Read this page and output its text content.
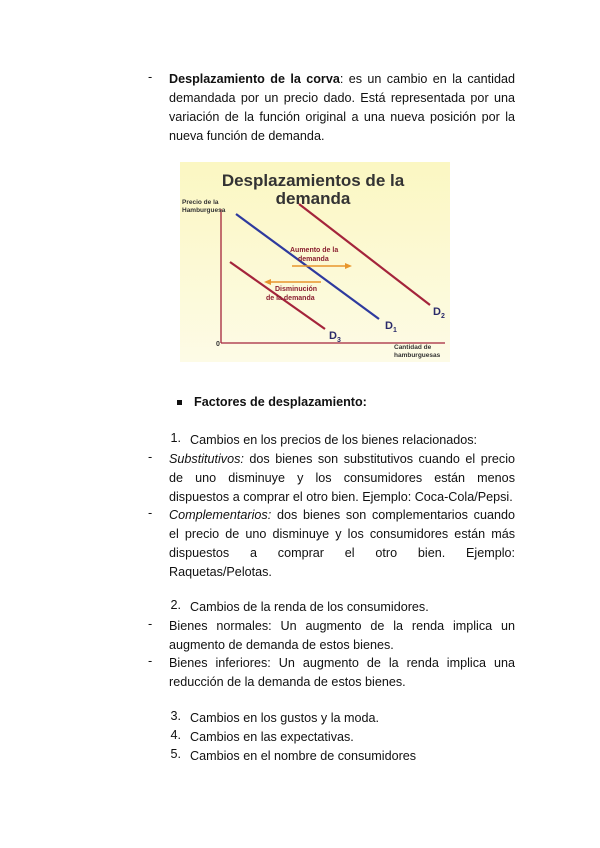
-	Desplazamiento de la corva: es un cambio en la cantidad demandada por un precio dado. Está representada por una variación de la función original a una nueva posición por la nueva función de demanda.
Desplazamientos de la
demanda
Precio de la
Hamburguesa
0	Cantidad de
hamburguesas
$D_2$
$D_1$
$D_3$
Aumento de la
demanda
Disminución
de la demanda
Factores de desplazamiento:
1. Cambios en los precios de los bienes relacionados:
-	Substitutivos: dos bienes son substitutivos cuando el precio de uno disminuye y los consumidores están menos dispuestos a comprar el otro bien. Ejemplo: Coca-Cola/Pepsi.
-	Complementarios: dos bienes son complementarios cuando el precio de uno disminuye y los consumidores están más dispuestos a comprar el otro bien. Ejemplo: Raquetas/Pelotas.
2. Cambios de la renda de los consumidores.
-	Bienes normales: Un augmento de la renda implica un augmento de demanda de estos bienes.
-	Bienes inferiores: Un augmento de la renda implica una reducción de la demanda de estos bienes.
3. Cambios en los gustos y la moda.
4. Cambios en las expectativas.
5. Cambios en el nombre de consumidores
